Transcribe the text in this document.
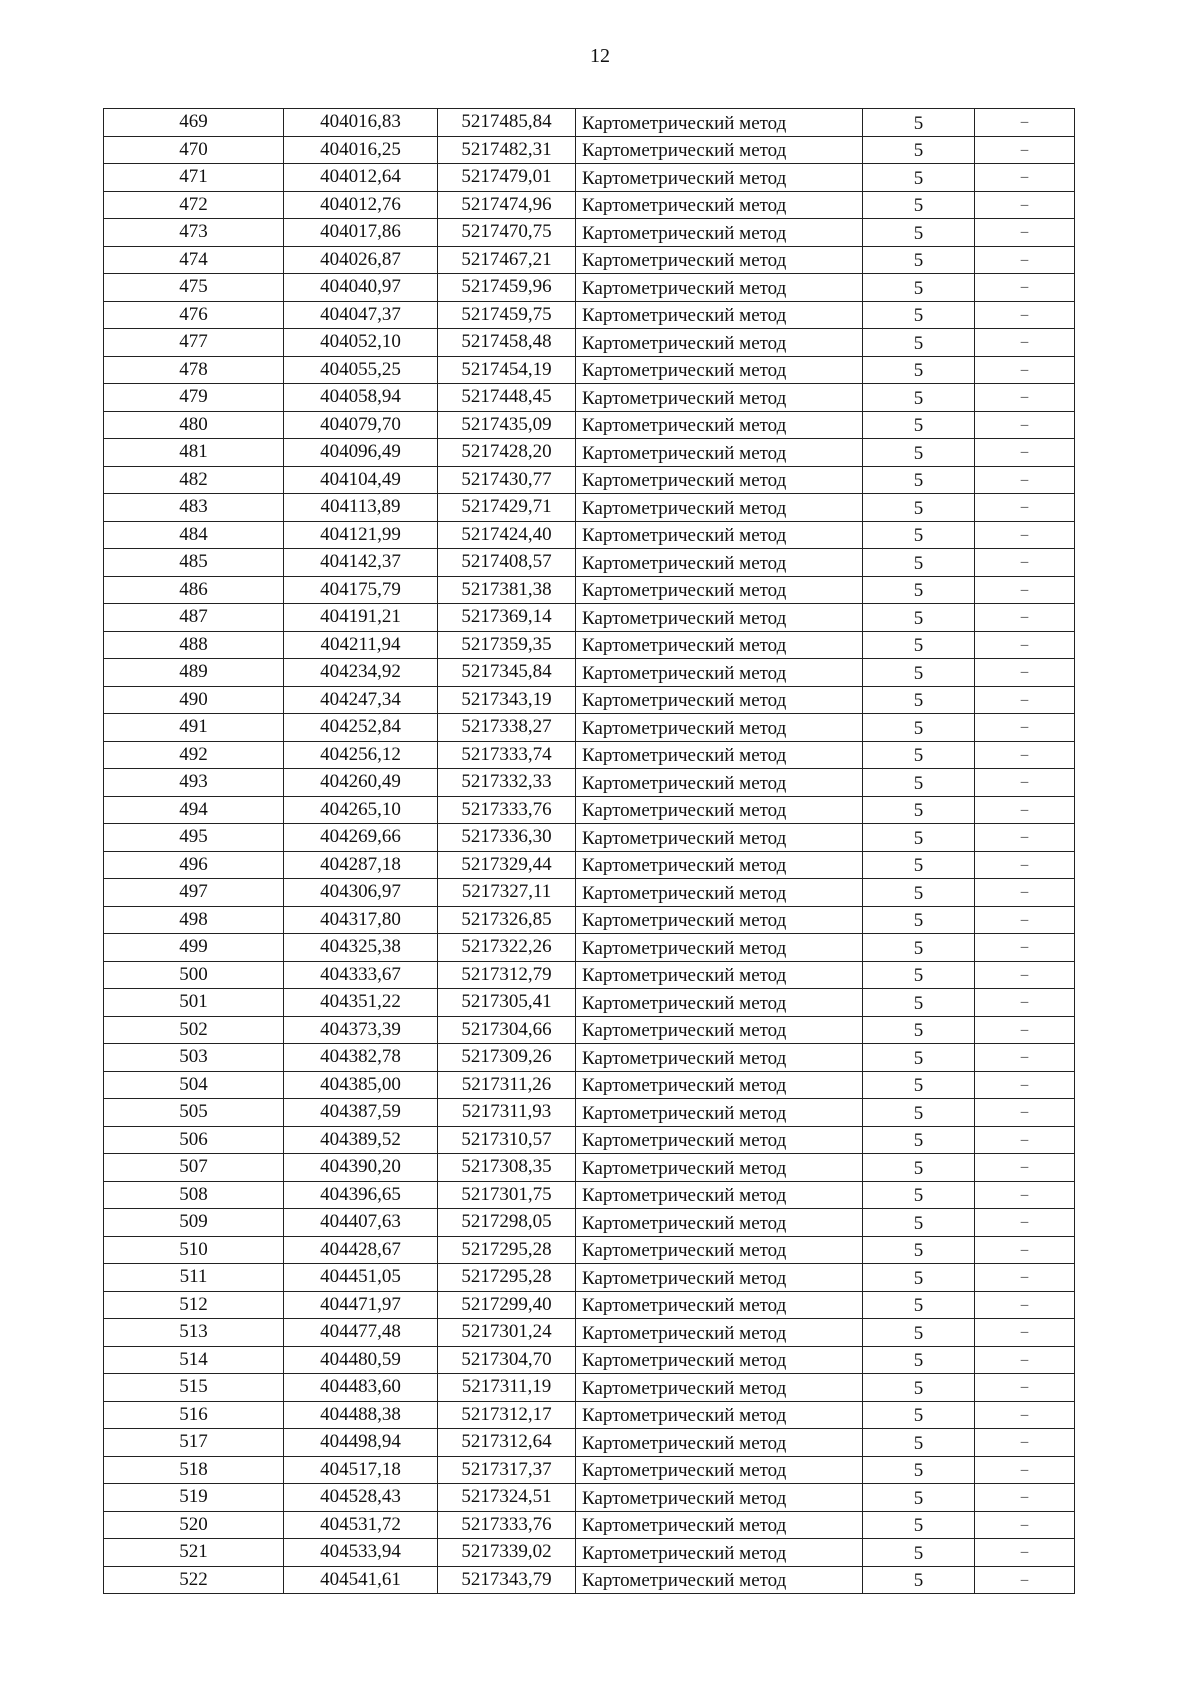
12
469	404016,83	5217485,84	Картометрический метод	5	–
470	404016,25	5217482,31	Картометрический метод	5	–
471	404012,64	5217479,01	Картометрический метод	5	–
472	404012,76	5217474,96	Картометрический метод	5	–
473	404017,86	5217470,75	Картометрический метод	5	–
474	404026,87	5217467,21	Картометрический метод	5	–
475	404040,97	5217459,96	Картометрический метод	5	–
476	404047,37	5217459,75	Картометрический метод	5	–
477	404052,10	5217458,48	Картометрический метод	5	–
478	404055,25	5217454,19	Картометрический метод	5	–
479	404058,94	5217448,45	Картометрический метод	5	–
480	404079,70	5217435,09	Картометрический метод	5	–
481	404096,49	5217428,20	Картометрический метод	5	–
482	404104,49	5217430,77	Картометрический метод	5	–
483	404113,89	5217429,71	Картометрический метод	5	–
484	404121,99	5217424,40	Картометрический метод	5	–
485	404142,37	5217408,57	Картометрический метод	5	–
486	404175,79	5217381,38	Картометрический метод	5	–
487	404191,21	5217369,14	Картометрический метод	5	–
488	404211,94	5217359,35	Картометрический метод	5	–
489	404234,92	5217345,84	Картометрический метод	5	–
490	404247,34	5217343,19	Картометрический метод	5	–
491	404252,84	5217338,27	Картометрический метод	5	–
492	404256,12	5217333,74	Картометрический метод	5	–
493	404260,49	5217332,33	Картометрический метод	5	–
494	404265,10	5217333,76	Картометрический метод	5	–
495	404269,66	5217336,30	Картометрический метод	5	–
496	404287,18	5217329,44	Картометрический метод	5	–
497	404306,97	5217327,11	Картометрический метод	5	–
498	404317,80	5217326,85	Картометрический метод	5	–
499	404325,38	5217322,26	Картометрический метод	5	–
500	404333,67	5217312,79	Картометрический метод	5	–
501	404351,22	5217305,41	Картометрический метод	5	–
502	404373,39	5217304,66	Картометрический метод	5	–
503	404382,78	5217309,26	Картометрический метод	5	–
504	404385,00	5217311,26	Картометрический метод	5	–
505	404387,59	5217311,93	Картометрический метод	5	–
506	404389,52	5217310,57	Картометрический метод	5	–
507	404390,20	5217308,35	Картометрический метод	5	–
508	404396,65	5217301,75	Картометрический метод	5	–
509	404407,63	5217298,05	Картометрический метод	5	–
510	404428,67	5217295,28	Картометрический метод	5	–
511	404451,05	5217295,28	Картометрический метод	5	–
512	404471,97	5217299,40	Картометрический метод	5	–
513	404477,48	5217301,24	Картометрический метод	5	–
514	404480,59	5217304,70	Картометрический метод	5	–
515	404483,60	5217311,19	Картометрический метод	5	–
516	404488,38	5217312,17	Картометрический метод	5	–
517	404498,94	5217312,64	Картометрический метод	5	–
518	404517,18	5217317,37	Картометрический метод	5	–
519	404528,43	5217324,51	Картометрический метод	5	–
520	404531,72	5217333,76	Картометрический метод	5	–
521	404533,94	5217339,02	Картометрический метод	5	–
522	404541,61	5217343,79	Картометрический метод	5	–
